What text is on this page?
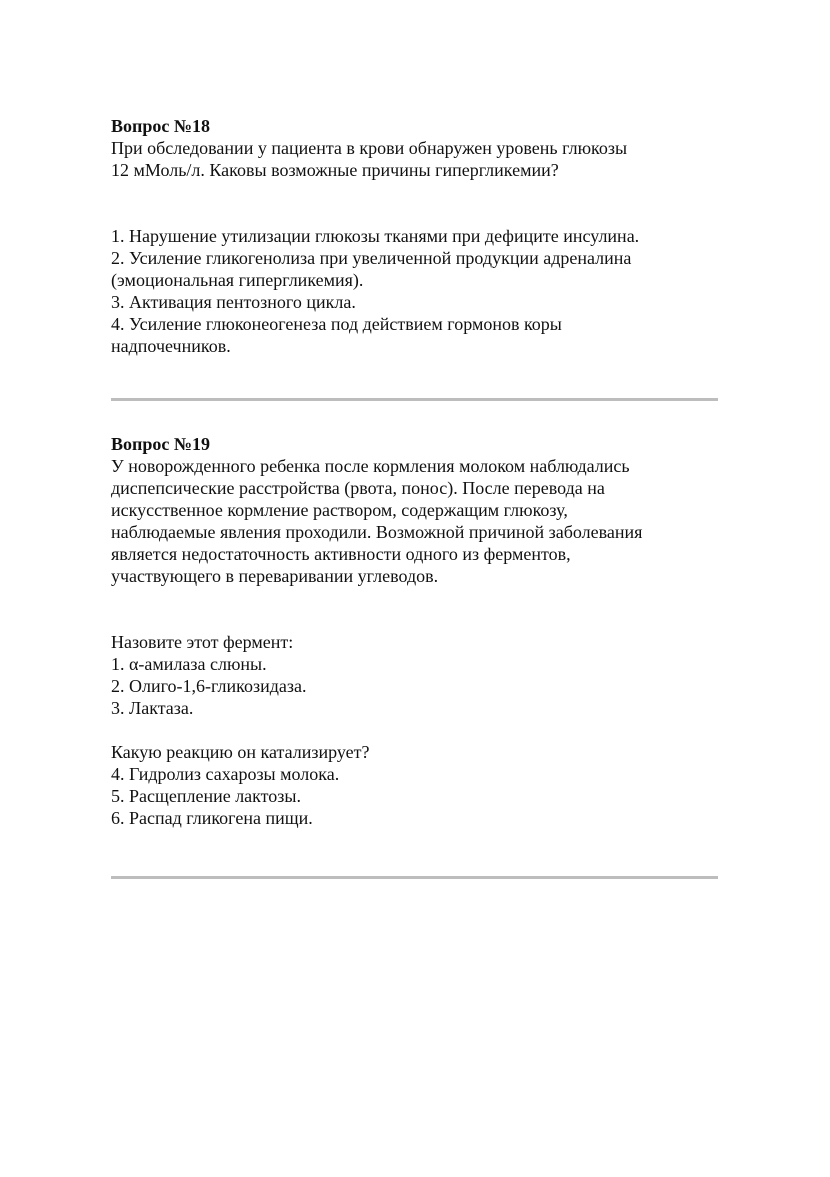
Вопрос №18

При обследовании у пациента в крови обнаружен уровень глюкозы

12 мМоль/л. Каковы возможные причины гипергликемии?

1. Нарушение утилизации глюкозы тканями при дефиците инсулина.

2. Усиление гликогенолиза при увеличенной продукции адреналина

(эмоциональная гипергликемия).

3. Активация пентозного цикла.

4. Усиление глюконеогенеза под действием гормонов коры

надпочечников.

Вопрос №19

У новорожденного ребенка после кормления молоком наблюдались

диспепсические расстройства (рвота, понос). После перевода на

искусственное кормление раствором, содержащим глюкозу,

наблюдаемые явления проходили. Возможной причиной заболевания

является недостаточность активности одного из ферментов,

участвующего в переваривании углеводов.

Назовите этот фермент:

1. α-амилаза слюны.

2. Олиго-1,6-гликозидаза.

3. Лактаза.

Какую реакцию он катализирует?

4. Гидролиз сахарозы молока.

5. Расщепление лактозы.

6. Распад гликогена пищи.
